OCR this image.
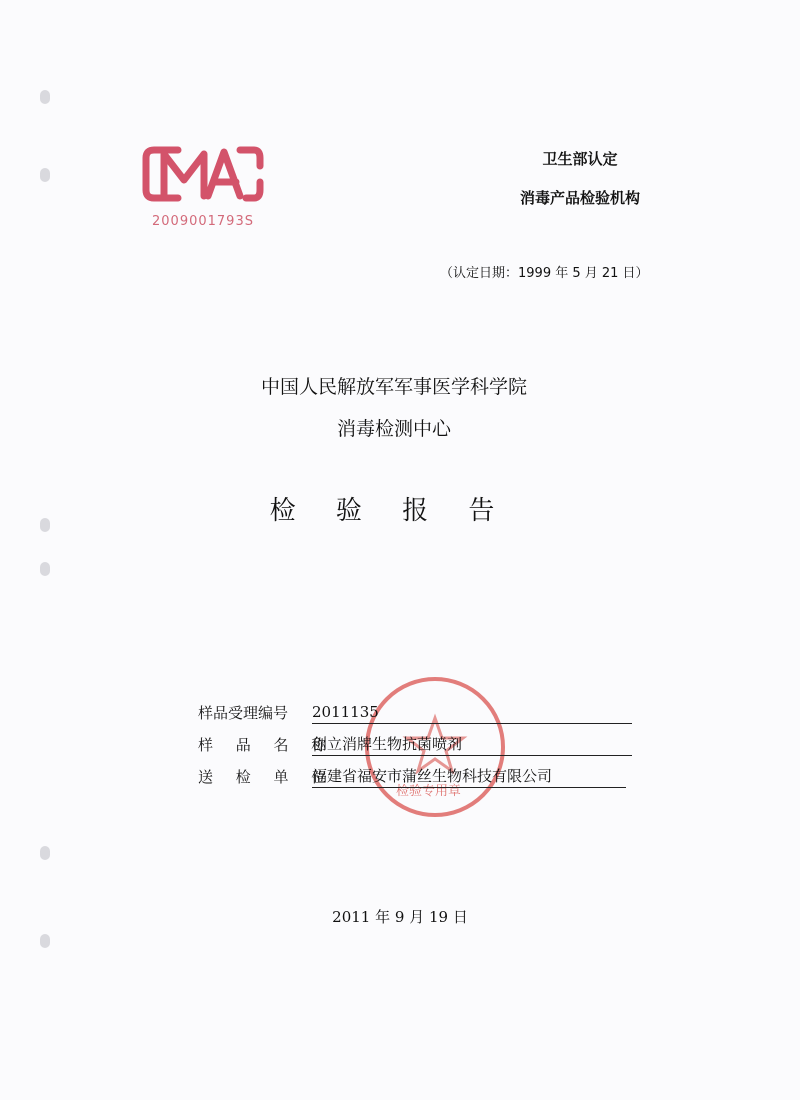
2009001793S
卫生部认定
消毒产品检验机构
（认定日期：1999 年 5 月 21 日）
中国人民解放军军事医学科学院
消毒检测中心
检 验 报 告
检验专用章
样品受理编号	2011135
样 品 名 称
创立消牌生物抗菌喷剂
送 检 单 位
福建省福安市蒲丝生物科技有限公司
2011 年 9 月 19 日
